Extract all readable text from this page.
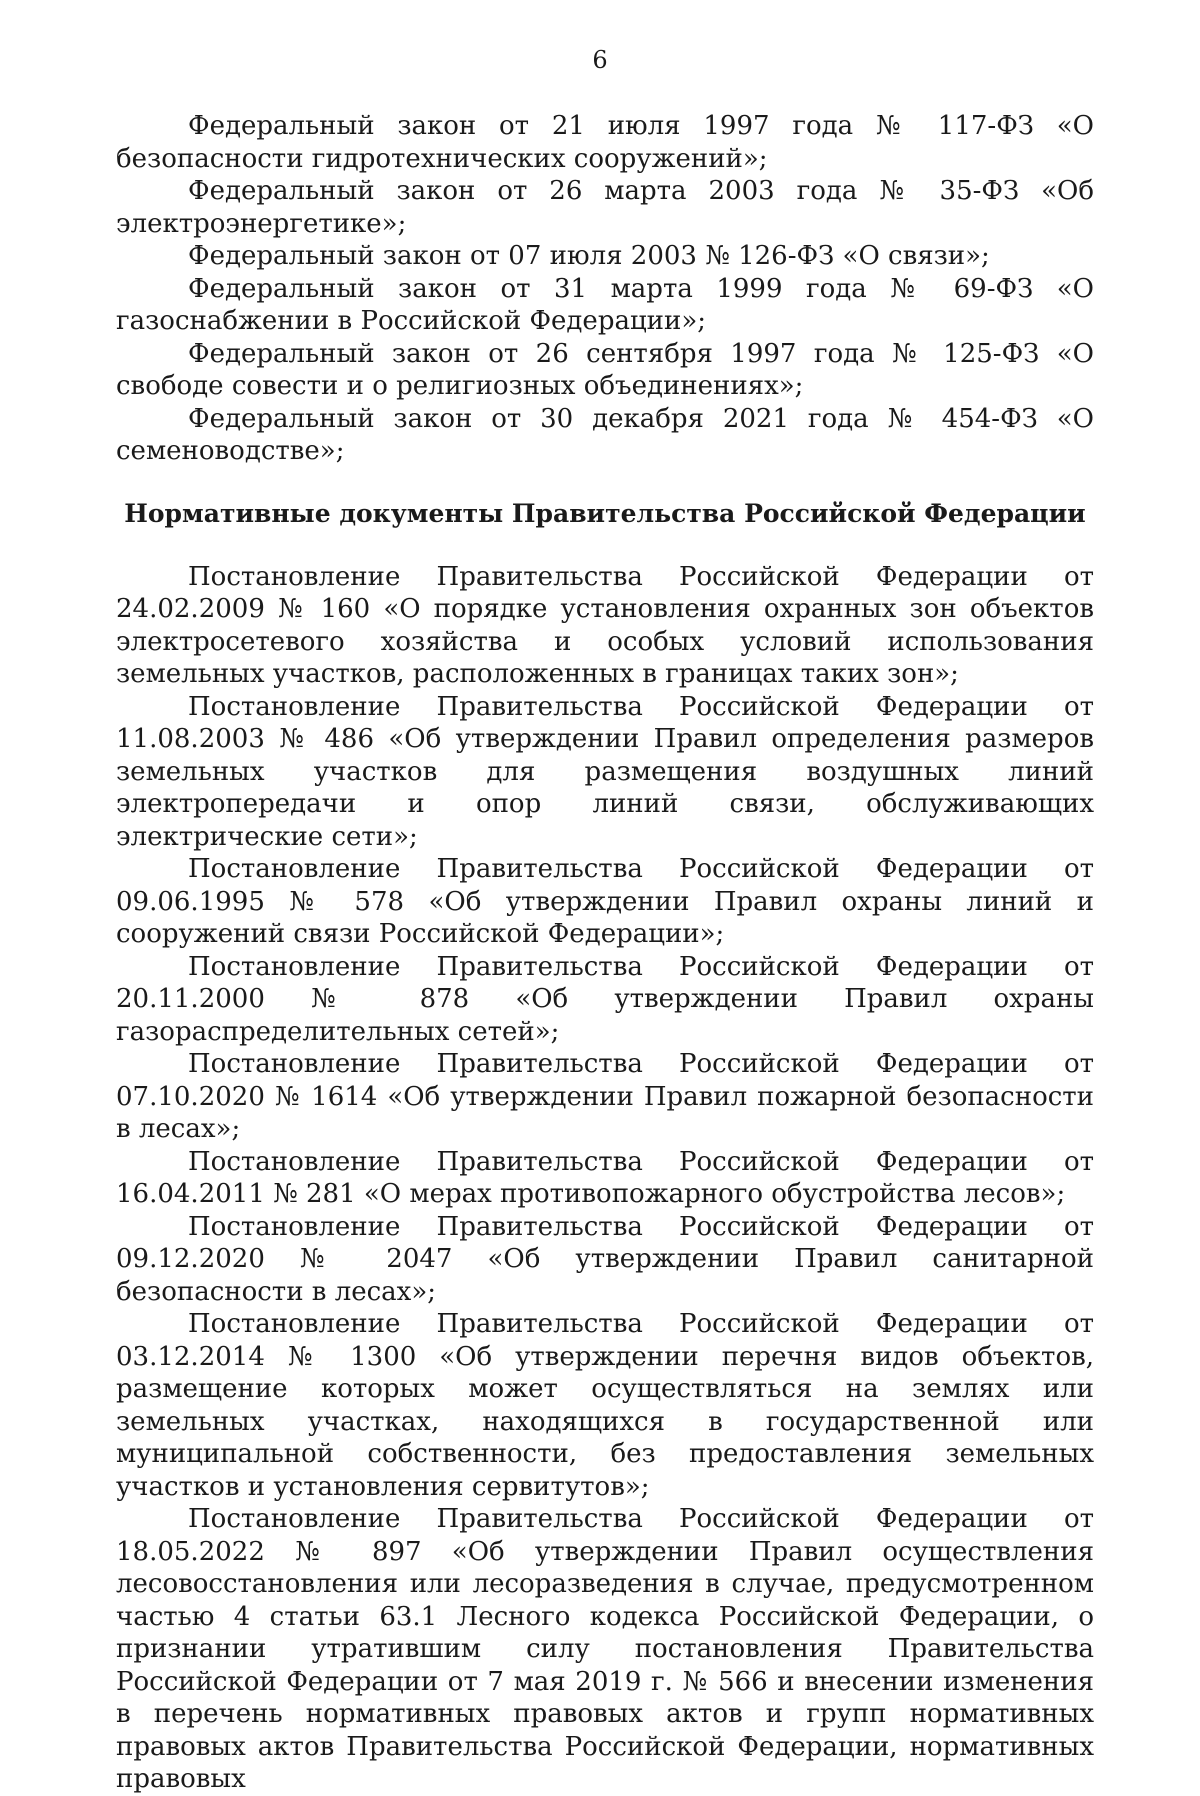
6

Федеральный закон от 21 июля 1997 года № 117-ФЗ «О безопасности гидротехнических сооружений»;

Федеральный закон от 26 марта 2003 года № 35-ФЗ «Об электроэнергетике»;

Федеральный закон от 07 июля 2003 № 126-ФЗ «О связи»;

Федеральный закон от 31 марта 1999 года № 69-ФЗ «О газоснабжении в Российской Федерации»;

Федеральный закон от 26 сентября 1997 года № 125-ФЗ «О свободе совести и о религиозных объединениях»;

Федеральный закон от 30 декабря 2021 года № 454-ФЗ «О семеноводстве»;

Нормативные документы Правительства Российской Федерации

Постановление Правительства Российской Федерации от 24.02.2009 № 160 «О порядке установления охранных зон объектов электросетевого хозяйства и особых условий использования земельных участков, расположенных в границах таких зон»;

Постановление Правительства Российской Федерации от 11.08.2003 № 486 «Об утверждении Правил определения размеров земельных участков для размещения воздушных линий электропередачи и опор линий связи, обслуживающих электрические сети»;

Постановление Правительства Российской Федерации от 09.06.1995 № 578 «Об утверждении Правил охраны линий и сооружений связи Российской Федерации»;

Постановление Правительства Российской Федерации от 20.11.2000 № 878 «Об утверждении Правил охраны газораспределительных сетей»;

Постановление Правительства Российской Федерации от 07.10.2020 № 1614 «Об утверждении Правил пожарной безопасности в лесах»;

Постановление Правительства Российской Федерации от 16.04.2011 № 281 «О мерах противопожарного обустройства лесов»;

Постановление Правительства Российской Федерации от 09.12.2020 № 2047 «Об утверждении Правил санитарной безопасности в лесах»;

Постановление Правительства Российской Федерации от 03.12.2014 № 1300 «Об утверждении перечня видов объектов, размещение которых может осуществляться на землях или земельных участках, находящихся в государственной или муниципальной собственности, без предоставления земельных участков и установления сервитутов»;

Постановление Правительства Российской Федерации от 18.05.2022 № 897 «Об утверждении Правил осуществления лесовосстановления или лесоразведения в случае, предусмотренном частью 4 статьи 63.1 Лесного кодекса Российской Федерации, о признании утратившим силу постановления Правительства Российской Федерации от 7 мая 2019 г. № 566 и внесении изменения в перечень нормативных правовых актов и групп нормативных правовых актов Правительства Российской Федерации, нормативных правовых
